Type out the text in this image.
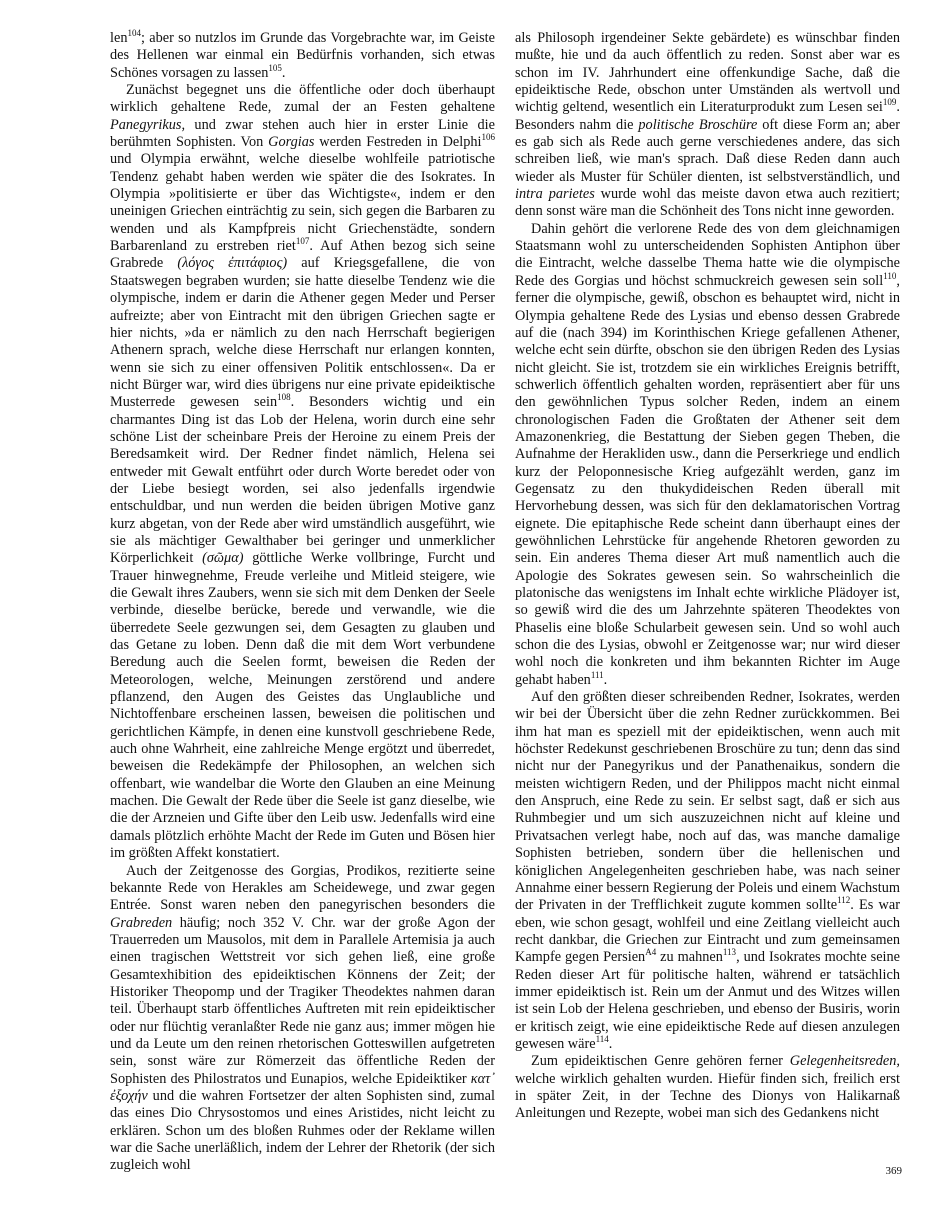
len$^{104}$; aber so nutzlos im Grunde das Vorgebrachte war, im Geiste des Hellenen war einmal ein Bedürfnis vorhanden, sich etwas Schönes vorsagen zu lassen$^{105}$.

Zunächst begegnet uns die öffentliche oder doch überhaupt wirklich gehaltene Rede, zumal der an Festen gehaltene Panegyrikus, und zwar stehen auch hier in erster Linie die berühmten Sophisten. Von Gorgias werden Festreden in Delphi$^{106}$ und Olympia erwähnt, welche dieselbe wohlfeile patriotische Tendenz gehabt haben werden wie später die des Isokrates. In Olympia »politisierte er über das Wichtigste«, indem er den uneinigen Griechen einträchtig zu sein, sich gegen die Barbaren zu wenden und als Kampfpreis nicht Griechenstädte, sondern Barbarenland zu erstreben riet$^{107}$. Auf Athen bezog sich seine Grabrede (λόγος ἐπιτάφιος) auf Kriegsgefallene, die von Staatswegen begraben wurden; sie hatte dieselbe Tendenz wie die olympische, indem er darin die Athener gegen Meder und Perser aufreizte; aber von Eintracht mit den übrigen Griechen sagte er hier nichts, »da er nämlich zu den nach Herrschaft begierigen Athenern sprach, welche diese Herrschaft nur erlangen konnten, wenn sie sich zu einer offensiven Politik entschlossen«. Da er nicht Bürger war, wird dies übrigens nur eine private epideiktische Musterrede gewesen sein$^{108}$. Besonders wichtig und ein charmantes Ding ist das Lob der Helena, worin durch eine sehr schöne List der scheinbare Preis der Heroine zu einem Preis der Beredsamkeit wird. Der Redner findet nämlich, Helena sei entweder mit Gewalt entführt oder durch Worte beredet oder von der Liebe besiegt worden, sei also jedenfalls irgendwie entschuldbar, und nun werden die beiden übrigen Motive ganz kurz abgetan, von der Rede aber wird umständlich ausgeführt, wie sie als mächtiger Gewalthaber bei geringer und unmerklicher Körperlichkeit (σῶμα) göttliche Werke vollbringe, Furcht und Trauer hinwegnehme, Freude verleihe und Mitleid steigere, wie die Gewalt ihres Zaubers, wenn sie sich mit dem Denken der Seele verbinde, dieselbe berücke, berede und verwandle, wie die überredete Seele gezwungen sei, dem Gesagten zu glauben und das Getane zu loben. Denn daß die mit dem Wort verbundene Beredung auch die Seelen formt, beweisen die Reden der Meteorologen, welche, Meinungen zerstörend und andere pflanzend, den Augen des Geistes das Unglaubliche und Nichtoffenbare erscheinen lassen, beweisen die politischen und gerichtlichen Kämpfe, in denen eine kunstvoll geschriebene Rede, auch ohne Wahrheit, eine zahlreiche Menge ergötzt und überredet, beweisen die Redekämpfe der Philosophen, an welchen sich offenbart, wie wandelbar die Worte den Glauben an eine Meinung machen. Die Gewalt der Rede über die Seele ist ganz dieselbe, wie die der Arzneien und Gifte über den Leib usw. Jedenfalls wird eine damals plötzlich erhöhte Macht der Rede im Guten und Bösen hier im größten Affekt konstatiert.

Auch der Zeitgenosse des Gorgias, Prodikos, rezitierte seine bekannte Rede von Herakles am Scheidewege, und zwar gegen Entrée. Sonst waren neben den panegyrischen besonders die Grabreden häufig; noch 352 V. Chr. war der große Agon der Trauerreden um Mausolos, mit dem in Parallele Artemisia ja auch einen tragischen Wettstreit vor sich gehen ließ, eine große Gesamtexhibition des epideiktischen Könnens der Zeit; der Historiker Theopomp und der Tragiker Theodektes nahmen daran teil. Überhaupt starb öffentliches Auftreten mit rein epideiktischer oder nur flüchtig veranlaßter Rede nie ganz aus; immer mögen hie und da Leute um den reinen rhetorischen Gotteswillen aufgetreten sein, sonst wäre zur Römerzeit das öffentliche Reden der Sophisten des Philostratos und Eunapios, welche Epideiktiker κατ᾽ ἐξοχήν und die wahren Fortsetzer der alten Sophisten sind, zumal das eines Dio Chrysostomos und eines Aristides, nicht leicht zu erklären. Schon um des bloßen Ruhmes oder der Reklame willen war die Sache unerläßlich, indem der Lehrer der Rhetorik (der sich zugleich wohl

als Philosoph irgendeiner Sekte gebärdete) es wünschbar finden mußte, hie und da auch öffentlich zu reden. Sonst aber war es schon im IV. Jahrhundert eine offenkundige Sache, daß die epideiktische Rede, obschon unter Umständen als wertvoll und wichtig geltend, wesentlich ein Literaturprodukt zum Lesen sei$^{109}$. Besonders nahm die politische Broschüre oft diese Form an; aber es gab sich als Rede auch gerne verschiedenes andere, das sich schreiben ließ, wie man's sprach. Daß diese Reden dann auch wieder als Muster für Schüler dienten, ist selbstverständlich, und intra parietes wurde wohl das meiste davon etwa auch rezitiert; denn sonst wäre man die Schönheit des Tons nicht inne geworden.

Dahin gehört die verlorene Rede des von dem gleichnamigen Staatsmann wohl zu unterscheidenden Sophisten Antiphon über die Eintracht, welche dasselbe Thema hatte wie die olympische Rede des Gorgias und höchst schmuckreich gewesen sein soll$^{110}$, ferner die olympische, gewiß, obschon es behauptet wird, nicht in Olympia gehaltene Rede des Lysias und ebenso dessen Grabrede auf die (nach 394) im Korinthischen Kriege gefallenen Athener, welche echt sein dürfte, obschon sie den übrigen Reden des Lysias nicht gleicht. Sie ist, trotzdem sie ein wirkliches Ereignis betrifft, schwerlich öffentlich gehalten worden, repräsentiert aber für uns den gewöhnlichen Typus solcher Reden, indem an einem chronologischen Faden die Großtaten der Athener seit dem Amazonenkrieg, die Bestattung der Sieben gegen Theben, die Aufnahme der Herakliden usw., dann die Perserkriege und endlich kurz der Peloponnesische Krieg aufgezählt werden, ganz im Gegensatz zu den thukydideischen Reden überall mit Hervorhebung dessen, was sich für den deklamatorischen Vortrag eignete. Die epitaphische Rede scheint dann überhaupt eines der gewöhnlichen Lehrstücke für angehende Rhetoren geworden zu sein. Ein anderes Thema dieser Art muß namentlich auch die Apologie des Sokrates gewesen sein. So wahrscheinlich die platonische das wenigstens im Inhalt echte wirkliche Plädoyer ist, so gewiß wird die des um Jahrzehnte späteren Theodektes von Phaselis eine bloße Schularbeit gewesen sein. Und so wohl auch schon die des Lysias, obwohl er Zeitgenosse war; nur wird dieser wohl noch die konkreten und ihm bekannten Richter im Auge gehabt haben$^{111}$.

Auf den größten dieser schreibenden Redner, Isokrates, werden wir bei der Übersicht über die zehn Redner zurückkommen. Bei ihm hat man es speziell mit der epideiktischen, wenn auch mit höchster Redekunst geschriebenen Broschüre zu tun; denn das sind nicht nur der Panegyrikus und der Panathenaikus, sondern die meisten wichtigern Reden, und der Philippos macht nicht einmal den Anspruch, eine Rede zu sein. Er selbst sagt, daß er sich aus Ruhmbegier und um sich auszuzeichnen nicht auf kleine und Privatsachen verlegt habe, noch auf das, was manche damalige Sophisten betrieben, sondern über die hellenischen und königlichen Angelegenheiten geschrieben habe, was nach seiner Annahme einer bessern Regierung der Poleis und einem Wachstum der Privaten in der Trefflichkeit zugute kommen sollte$^{112}$. Es war eben, wie schon gesagt, wohlfeil und eine Zeitlang vielleicht auch recht dankbar, die Griechen zur Eintracht und zum gemeinsamen Kampfe gegen Persien$^{A4}$ zu mahnen$^{113}$, und Isokrates mochte seine Reden dieser Art für politische halten, während er tatsächlich immer epideiktisch ist. Rein um der Anmut und des Witzes willen ist sein Lob der Helena geschrieben, und ebenso der Busiris, worin er kritisch zeigt, wie eine epideiktische Rede auf diesen anzulegen gewesen wäre$^{114}$.

Zum epideiktischen Genre gehören ferner Gelegenheitsreden, welche wirklich gehalten wurden. Hiefür finden sich, freilich erst in später Zeit, in der Techne des Dionys von Halikarnaß Anleitungen und Rezepte, wobei man sich des Gedankens nicht

369
